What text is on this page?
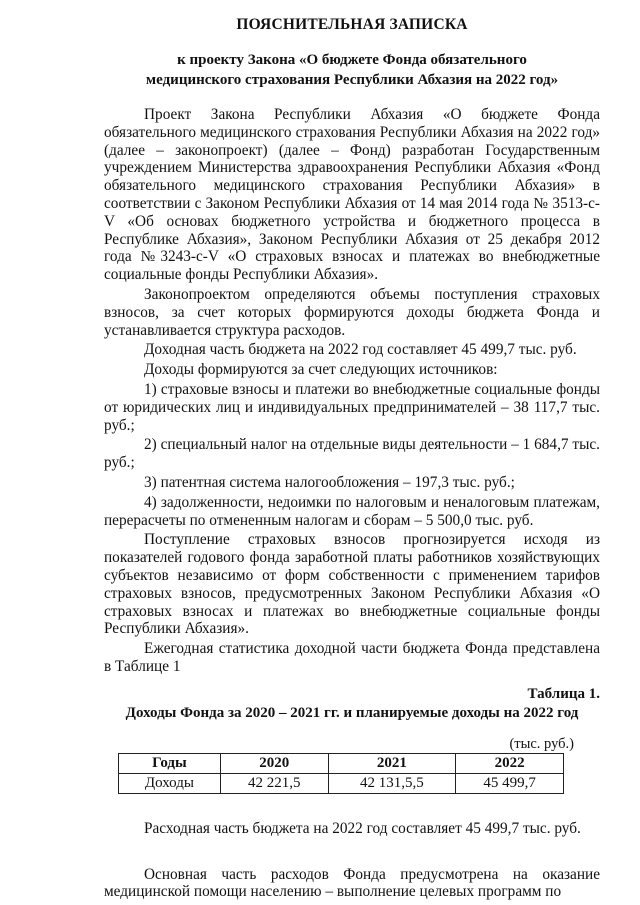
ПОЯСНИТЕЛЬНАЯ ЗАПИСКА
к проекту Закона «О бюджете Фонда обязательного
медицинского страхования Республики Абхазия на 2022 год»

Проект Закона Республики Абхазия «О бюджете Фонда обязательного медицинского страхования Республики Абхазия на 2022 год» (далее – законопроект) (далее – Фонд) разработан Государственным учреждением Министерства здравоохранения Республики Абхазия «Фонд обязательного медицинского страхования Республики Абхазия» в соответствии с Законом Республики Абхазия от 14 мая 2014 года № 3513-с-V «Об основах бюджетного устройства и бюджетного процесса в Республике Абхазия», Законом Республики Абхазия от 25 декабря 2012 года №3243-с-V «О страховых взносах и платежах во внебюджетные социальные фонды Республики Абхазия».

Законопроектом определяются объемы поступления страховых взносов, за счет которых формируются доходы бюджета Фонда и устанавливается структура расходов.

Доходная часть бюджета на 2022 год составляет 45 499,7 тыс. руб.

Доходы формируются за счет следующих источников:

1) страховые взносы и платежи во внебюджетные социальные фонды от юридических лиц и индивидуальных предпринимателей – 38 117,7 тыс. руб.;

2) специальный налог на отдельные виды деятельности – 1 684,7 тыс. руб.;

3) патентная система налогообложения – 197,3 тыс. руб.;

4) задолженности, недоимки по налоговым и неналоговым платежам, перерасчеты по отмененным налогам и сборам – 5 500,0 тыс. руб.

Поступление страховых взносов прогнозируется исходя из показателей годового фонда заработной платы работников хозяйствующих субъектов независимо от форм собственности с применением тарифов страховых взносов, предусмотренных Законом Республики Абхазия «О страховых взносах и платежах во внебюджетные социальные фонды Республики Абхазия».

Ежегодная статистика доходной части бюджета Фонда представлена в Таблице 1

Таблица 1.
Доходы Фонда за 2020 – 2021 гг. и планируемые доходы на 2022 год
(тыс. руб.)
Годы	2020	2021	2022
Доходы	42 221,5	42 131,5,5	45 499,7

Расходная часть бюджета на 2022 год составляет 45 499,7 тыс. руб.

Основная часть расходов Фонда предусмотрена на оказание медицинской помощи населению – выполнение целевых программ по
